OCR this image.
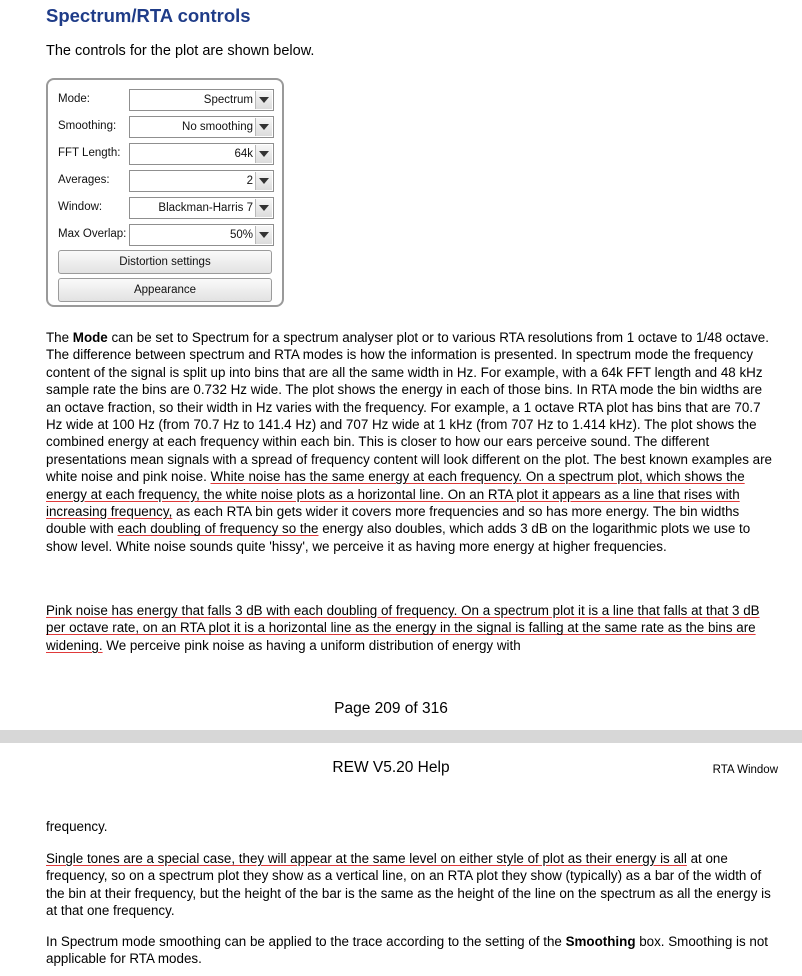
Spectrum/RTA controls

The controls for the plot are shown below.

Mode:	Spectrum
Smoothing:	No smoothing
FFT Length:	64k
Averages:	2
Window:	Blackman-Harris 7
Max Overlap:	50%
Distortion settings
Appearance

The Mode can be set to Spectrum for a spectrum analyser plot or to various RTA resolutions from 1 octave to 1/48 octave. The difference between spectrum and RTA modes is how the information is presented. In spectrum mode the frequency content of the signal is split up into bins that are all the same width in Hz. For example, with a 64k FFT length and 48 kHz sample rate the bins are 0.732 Hz wide. The plot shows the energy in each of those bins. In RTA mode the bin widths are an octave fraction, so their width in Hz varies with the frequency. For example, a 1 octave RTA plot has bins that are 70.7 Hz wide at 100 Hz (from 70.7 Hz to 141.4 Hz) and 707 Hz wide at 1 kHz (from 707 Hz to 1.414 kHz). The plot shows the combined energy at each frequency within each bin. This is closer to how our ears perceive sound. The different presentations mean signals with a spread of frequency content will look different on the plot. The best known examples are white noise and pink noise. White noise has the same energy at each frequency. On a spectrum plot, which shows the energy at each frequency, the white noise plots as a horizontal line. On an RTA plot it appears as a line that rises with increasing frequency, as each RTA bin gets wider it covers more frequencies and so has more energy. The bin widths double with each doubling of frequency so the energy also doubles, which adds 3 dB on the logarithmic plots we use to show level. White noise sounds quite 'hissy', we perceive it as having more energy at higher frequencies.

Pink noise has energy that falls 3 dB with each doubling of frequency. On a spectrum plot it is a line that falls at that 3 dB per octave rate, on an RTA plot it is a horizontal line as the energy in the signal is falling at the same rate as the bins are widening. We perceive pink noise as having a uniform distribution of energy with

Page 209 of 316
REW V5.20 Help	RTA Window

frequency.

Single tones are a special case, they will appear at the same level on either style of plot as their energy is all at one frequency, so on a spectrum plot they show as a vertical line, on an RTA plot they show (typically) as a bar of the width of the bin at their frequency, but the height of the bar is the same as the height of the line on the spectrum as all the energy is at that one frequency.

In Spectrum mode smoothing can be applied to the trace according to the setting of the Smoothing box. Smoothing is not applicable for RTA modes.
